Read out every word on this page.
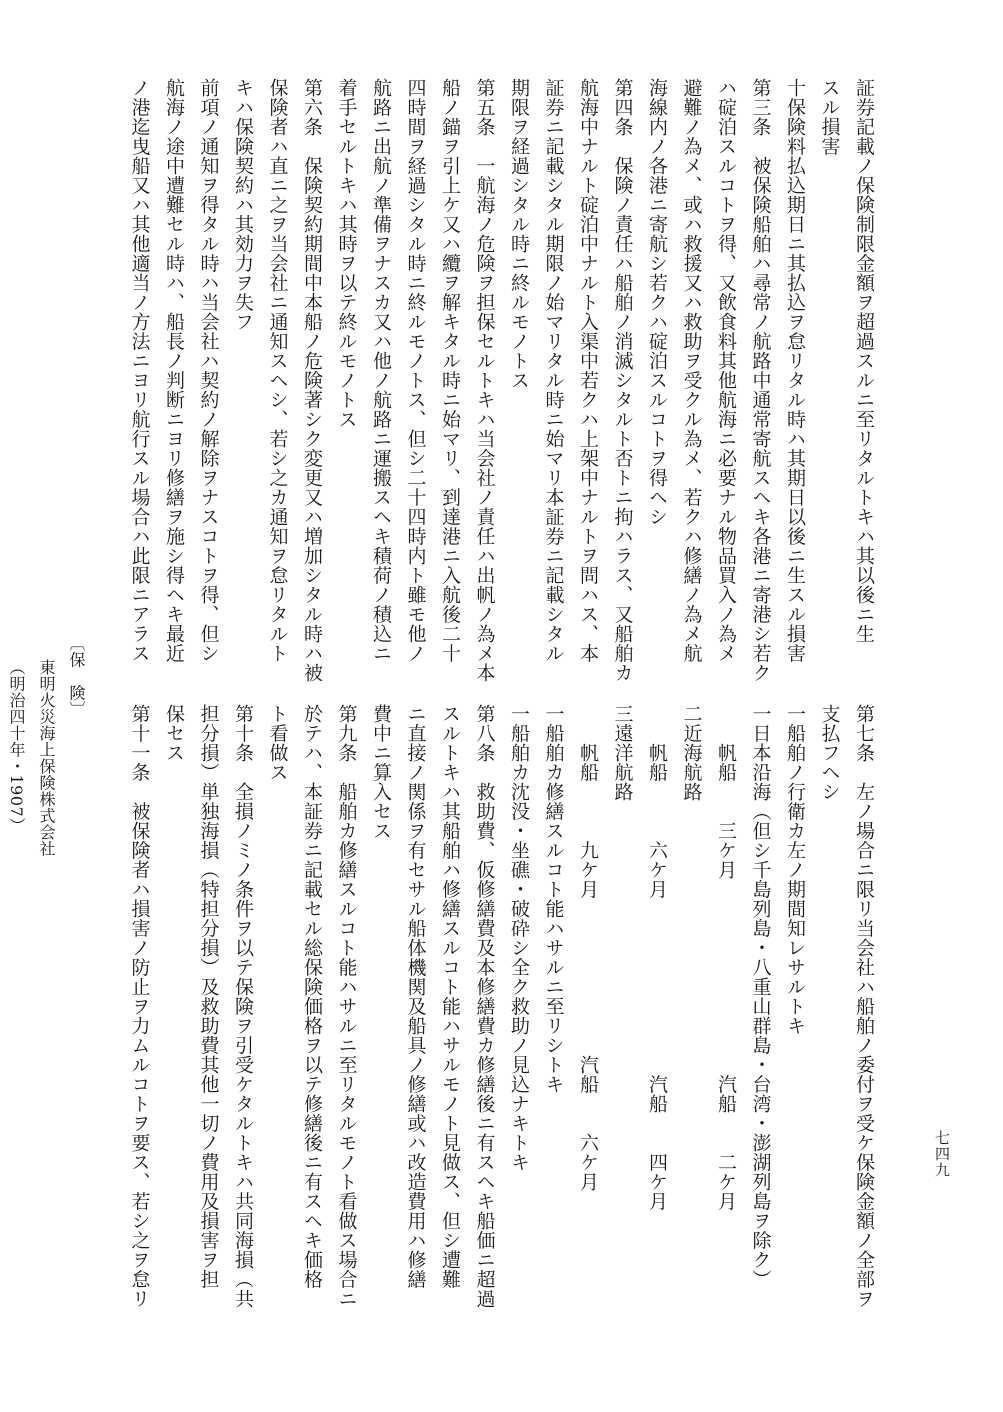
証券記載ノ保険制限金額ヲ超過スルニ至リタルトキハ其以後ニ生
スル損害
十保険料払込期日ニ其払込ヲ怠リタル時ハ其期日以後ニ生スル損害
第三条　被保険船舶ハ尋常ノ航路中通常寄航スヘキ各港ニ寄港シ若ク
ハ碇泊スルコトヲ得、又飲食料其他航海ニ必要ナル物品買入ノ為メ
避難ノ為メ、或ハ救援又ハ救助ヲ受クル為メ、若クハ修繕ノ為メ航
海線内ノ各港ニ寄航シ若クハ碇泊スルコトヲ得ヘシ
第四条　保険ノ責任ハ船舶ノ消滅シタルト否トニ拘ハラス、又船舶カ
航海中ナルト碇泊中ナルト入渠中若クハ上架中ナルトヲ問ハス、本
証券ニ記載シタル期限ノ始マリタル時ニ始マリ本証券ニ記載シタル
期限ヲ経過シタル時ニ終ルモノトス
第五条　一航海ノ危険ヲ担保セルトキハ当会社ノ責任ハ出帆ノ為メ本
船ノ錨ヲ引上ケ又ハ纜ヲ解キタル時ニ始マリ、到達港ニ入航後二十
四時間ヲ経過シタル時ニ終ルモノトス、但シ二十四時内ト雖モ他ノ
航路ニ出航ノ準備ヲナスカ又ハ他ノ航路ニ運搬スヘキ積荷ノ積込ニ
着手セルトキハ其時ヲ以テ終ルモノトス
第六条　保険契約期間中本船ノ危険著シク変更又ハ増加シタル時ハ被
保険者ハ直ニ之ヲ当会社ニ通知スヘシ、若シ之カ通知ヲ怠リタルト
キハ保険契約ハ其効力ヲ失フ
前項ノ通知ヲ得タル時ハ当会社ハ契約ノ解除ヲナスコトヲ得、但シ
航海ノ途中遭難セル時ハ、船長ノ判断ニヨリ修繕ヲ施シ得ヘキ最近
ノ港迄曳船又ハ其他適当ノ方法ニヨリ航行スル場合ハ此限ニアラス
第七条　左ノ場合ニ限リ当会社ハ船舶ノ委付ヲ受ケ保険金額ノ全部ヲ
支払フヘシ
一船舶ノ行衛カ左ノ期間知レサルトキ
一日本沿海（但シ千島列島・八重山群島・台湾・澎湖列島ヲ除ク）
　　帆船　　三ケ月　　　　　　　　　　汽船　　二ケ月
二近海航路
　　帆船　　　六ケ月　　　　　　　　　汽船　　四ケ月
三遠洋航路
　　帆船　　　九ケ月　　　　　　　　汽船　　六ケ月
一船舶カ修繕スルコト能ハサルニ至リシトキ
一船舶カ沈没・坐礁・破砕シ全ク救助ノ見込ナキトキ
第八条　救助費、仮修繕費及本修繕費カ修繕後ニ有スヘキ船価ニ超過
スルトキハ其船舶ハ修繕スルコト能ハサルモノト見做ス、但シ遭難
ニ直接ノ関係ヲ有セサル船体機関及船具ノ修繕或ハ改造費用ハ修繕
費中ニ算入セス
第九条　船舶カ修繕スルコト能ハサルニ至リタルモノト看做ス場合ニ
於テハ、本証券ニ記載セル総保険価格ヲ以テ修繕後ニ有スヘキ価格
ト看做ス
第十条　全損ノミノ条件ヲ以テ保険ヲ引受ケタルトキハ共同海損（共
担分損）単独海損（特担分損）及救助費其他一切ノ費用及損害ヲ担
保セス
第十一条　被保険者ハ損害ノ防止ヲ力ムルコトヲ要ス、若シ之ヲ怠リ
〔保　険〕
東明火災海上保険株式会社
（明治四十年・1907）
七四九
